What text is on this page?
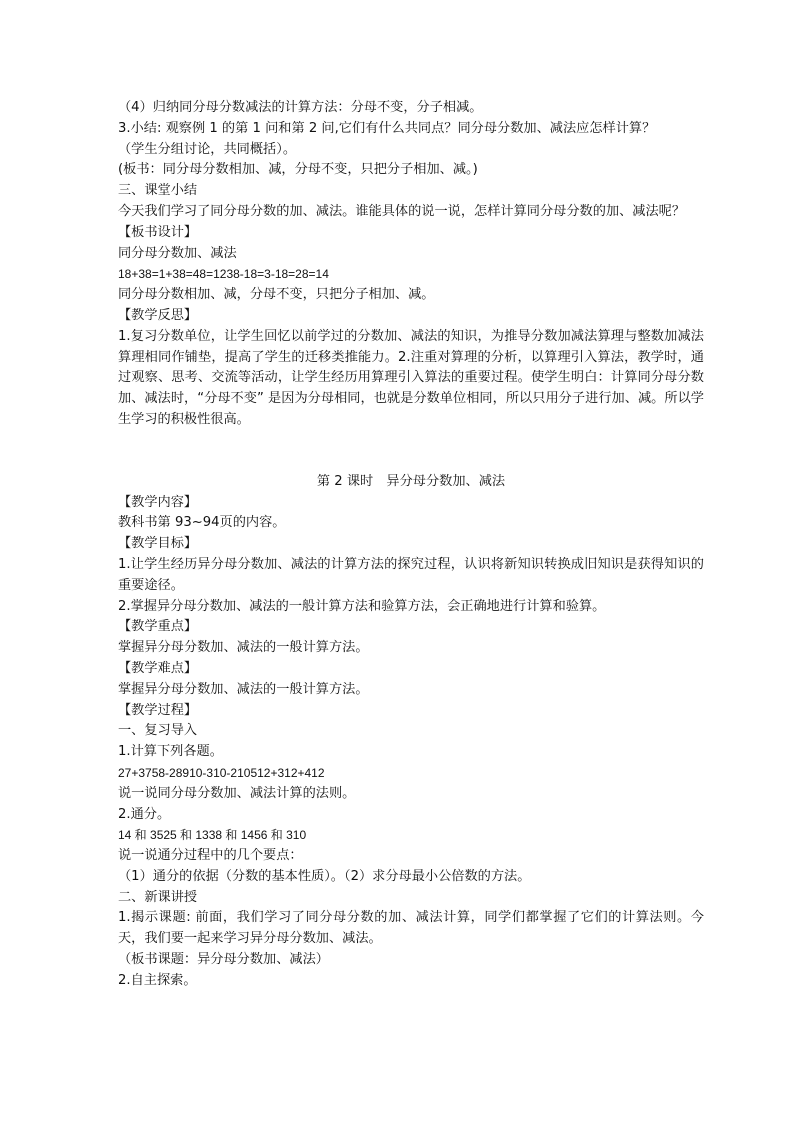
（4）归纳同分母分数减法的计算方法：分母不变，分子相减。

3.小结: 观察例 1 的第 1 问和第 2 问,它们有什么共同点？同分母分数加、减法应怎样计算？

（学生分组讨论，共同概括）。

(板书：同分母分数相加、减，分母不变，只把分子相加、减。)

三、课堂小结

今天我们学习了同分母分数的加、减法。谁能具体的说一说，怎样计算同分母分数的加、减法呢？

【板书设计】

同分母分数加、减法

18+38=1+38=48=1238-18=3-18=28=14

同分母分数相加、减，分母不变，只把分子相加、减。

【教学反思】

1.复习分数单位，让学生回忆以前学过的分数加、减法的知识，为推导分数加减法算理与整数加减法算理相同作铺垫，提高了学生的迁移类推能力。2.注重对算理的分析，以算理引入算法，教学时，通过观察、思考、交流等活动，让学生经历用算理引入算法的重要过程。使学生明白：计算同分母分数加、减法时，“分母不变” 是因为分母相同，也就是分数单位相同，所以只用分子进行加、减。所以学生学习的积极性很高。

第 2 课时　异分母分数加、减法

【教学内容】

教科书第 93~94页的内容。

【教学目标】

1.让学生经历异分母分数加、减法的计算方法的探究过程，认识将新知识转换成旧知识是获得知识的重要途径。

2.掌握异分母分数加、减法的一般计算方法和验算方法，会正确地进行计算和验算。

【教学重点】

掌握异分母分数加、减法的一般计算方法。

【教学难点】

掌握异分母分数加、减法的一般计算方法。

【教学过程】

一、复习导入

1.计算下列各题。

27+3758-28910-310-210512+312+412

说一说同分母分数加、减法计算的法则。

2.通分。

14 和 3525 和 1338 和 1456 和 310

说一说通分过程中的几个要点：

（1）通分的依据（分数的基本性质）。（2）求分母最小公倍数的方法。

二、新课讲授

1.揭示课题: 前面，我们学习了同分母分数的加、减法计算，同学们都掌握了它们的计算法则。今天，我们要一起来学习异分母分数加、减法。

（板书课题：异分母分数加、减法）

2.自主探索。
